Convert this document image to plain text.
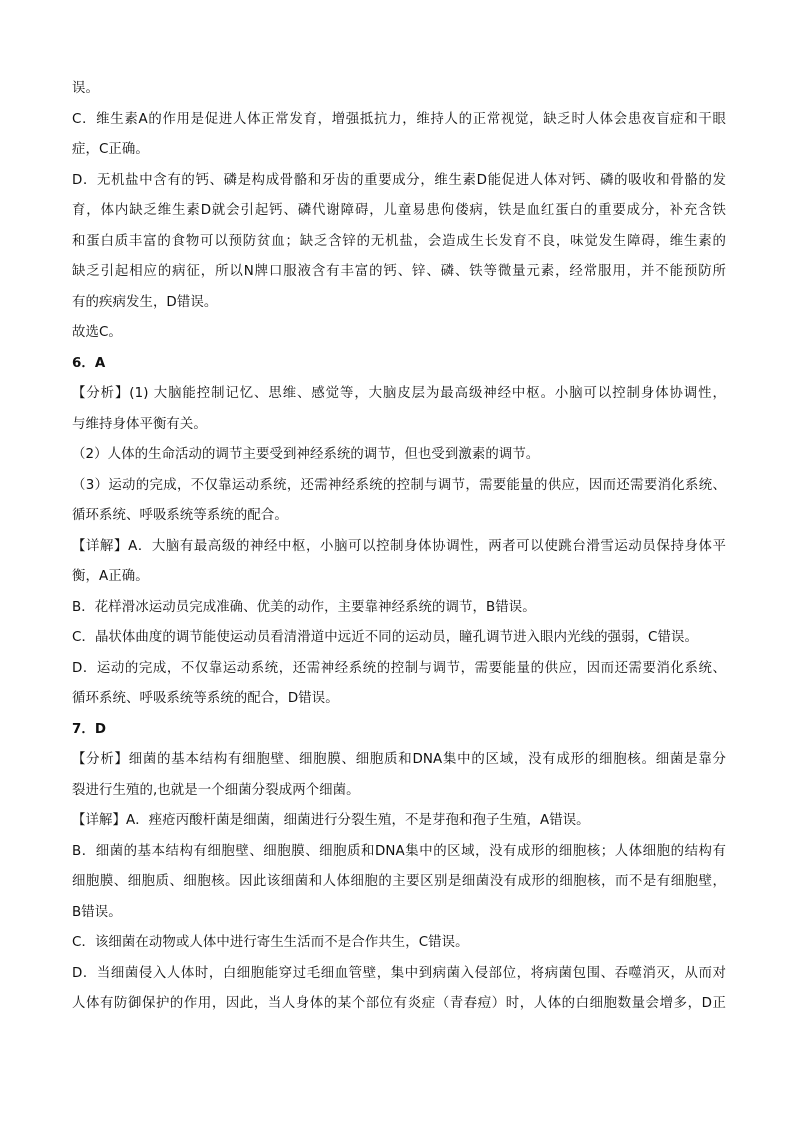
误。
C．维生素A的作用是促进人体正常发育，增强抵抗力，维持人的正常视觉，缺乏时人体会患夜盲症和干眼
症，C正确。
D．无机盐中含有的钙、磷是构成骨骼和牙齿的重要成分，维生素D能促进人体对钙、磷的吸收和骨骼的发
育，体内缺乏维生素D就会引起钙、磷代谢障碍，儿童易患佝偻病，铁是血红蛋白的重要成分，补充含铁
和蛋白质丰富的食物可以预防贫血；缺乏含锌的无机盐，会造成生长发育不良，味觉发生障碍，维生素的
缺乏引起相应的病征，所以N牌口服液含有丰富的钙、锌、磷、铁等微量元素，经常服用，并不能预防所
有的疾病发生，D错误。
故选C。
6．A
【分析】(1) 大脑能控制记忆、思维、感觉等，大脑皮层为最高级神经中枢。小脑可以控制身体协调性，
与维持身体平衡有关。
（2）人体的生命活动的调节主要受到神经系统的调节，但也受到激素的调节。
（3）运动的完成，不仅靠运动系统，还需神经系统的控制与调节，需要能量的供应，因而还需要消化系统、
循环系统、呼吸系统等系统的配合。
【详解】A．大脑有最高级的神经中枢，小脑可以控制身体协调性，两者可以使跳台滑雪运动员保持身体平
衡，A正确。
B．花样滑冰运动员完成准确、优美的动作，主要靠神经系统的调节，B错误。
C．晶状体曲度的调节能使运动员看清滑道中远近不同的运动员，瞳孔调节进入眼内光线的强弱，C错误。
D．运动的完成，不仅靠运动系统，还需神经系统的控制与调节，需要能量的供应，因而还需要消化系统、
循环系统、呼吸系统等系统的配合，D错误。
7．D
【分析】细菌的基本结构有细胞壁、细胞膜、细胞质和DNA集中的区域，没有成形的细胞核。细菌是靠分
裂进行生殖的,也就是一个细菌分裂成两个细菌。
【详解】A．痤疮丙酸杆菌是细菌，细菌进行分裂生殖，不是芽孢和孢子生殖，A错误。
B．细菌的基本结构有细胞壁、细胞膜、细胞质和DNA集中的区域，没有成形的细胞核；人体细胞的结构有
细胞膜、细胞质、细胞核。因此该细菌和人体细胞的主要区别是细菌没有成形的细胞核，而不是有细胞壁，
B错误。
C．该细菌在动物或人体中进行寄生生活而不是合作共生，C错误。
D．当细菌侵入人体时，白细胞能穿过毛细血管壁，集中到病菌入侵部位，将病菌包围、吞噬消灭，从而对
人体有防御保护的作用，因此，当人身体的某个部位有炎症（青春痘）时，人体的白细胞数量会增多，D正
